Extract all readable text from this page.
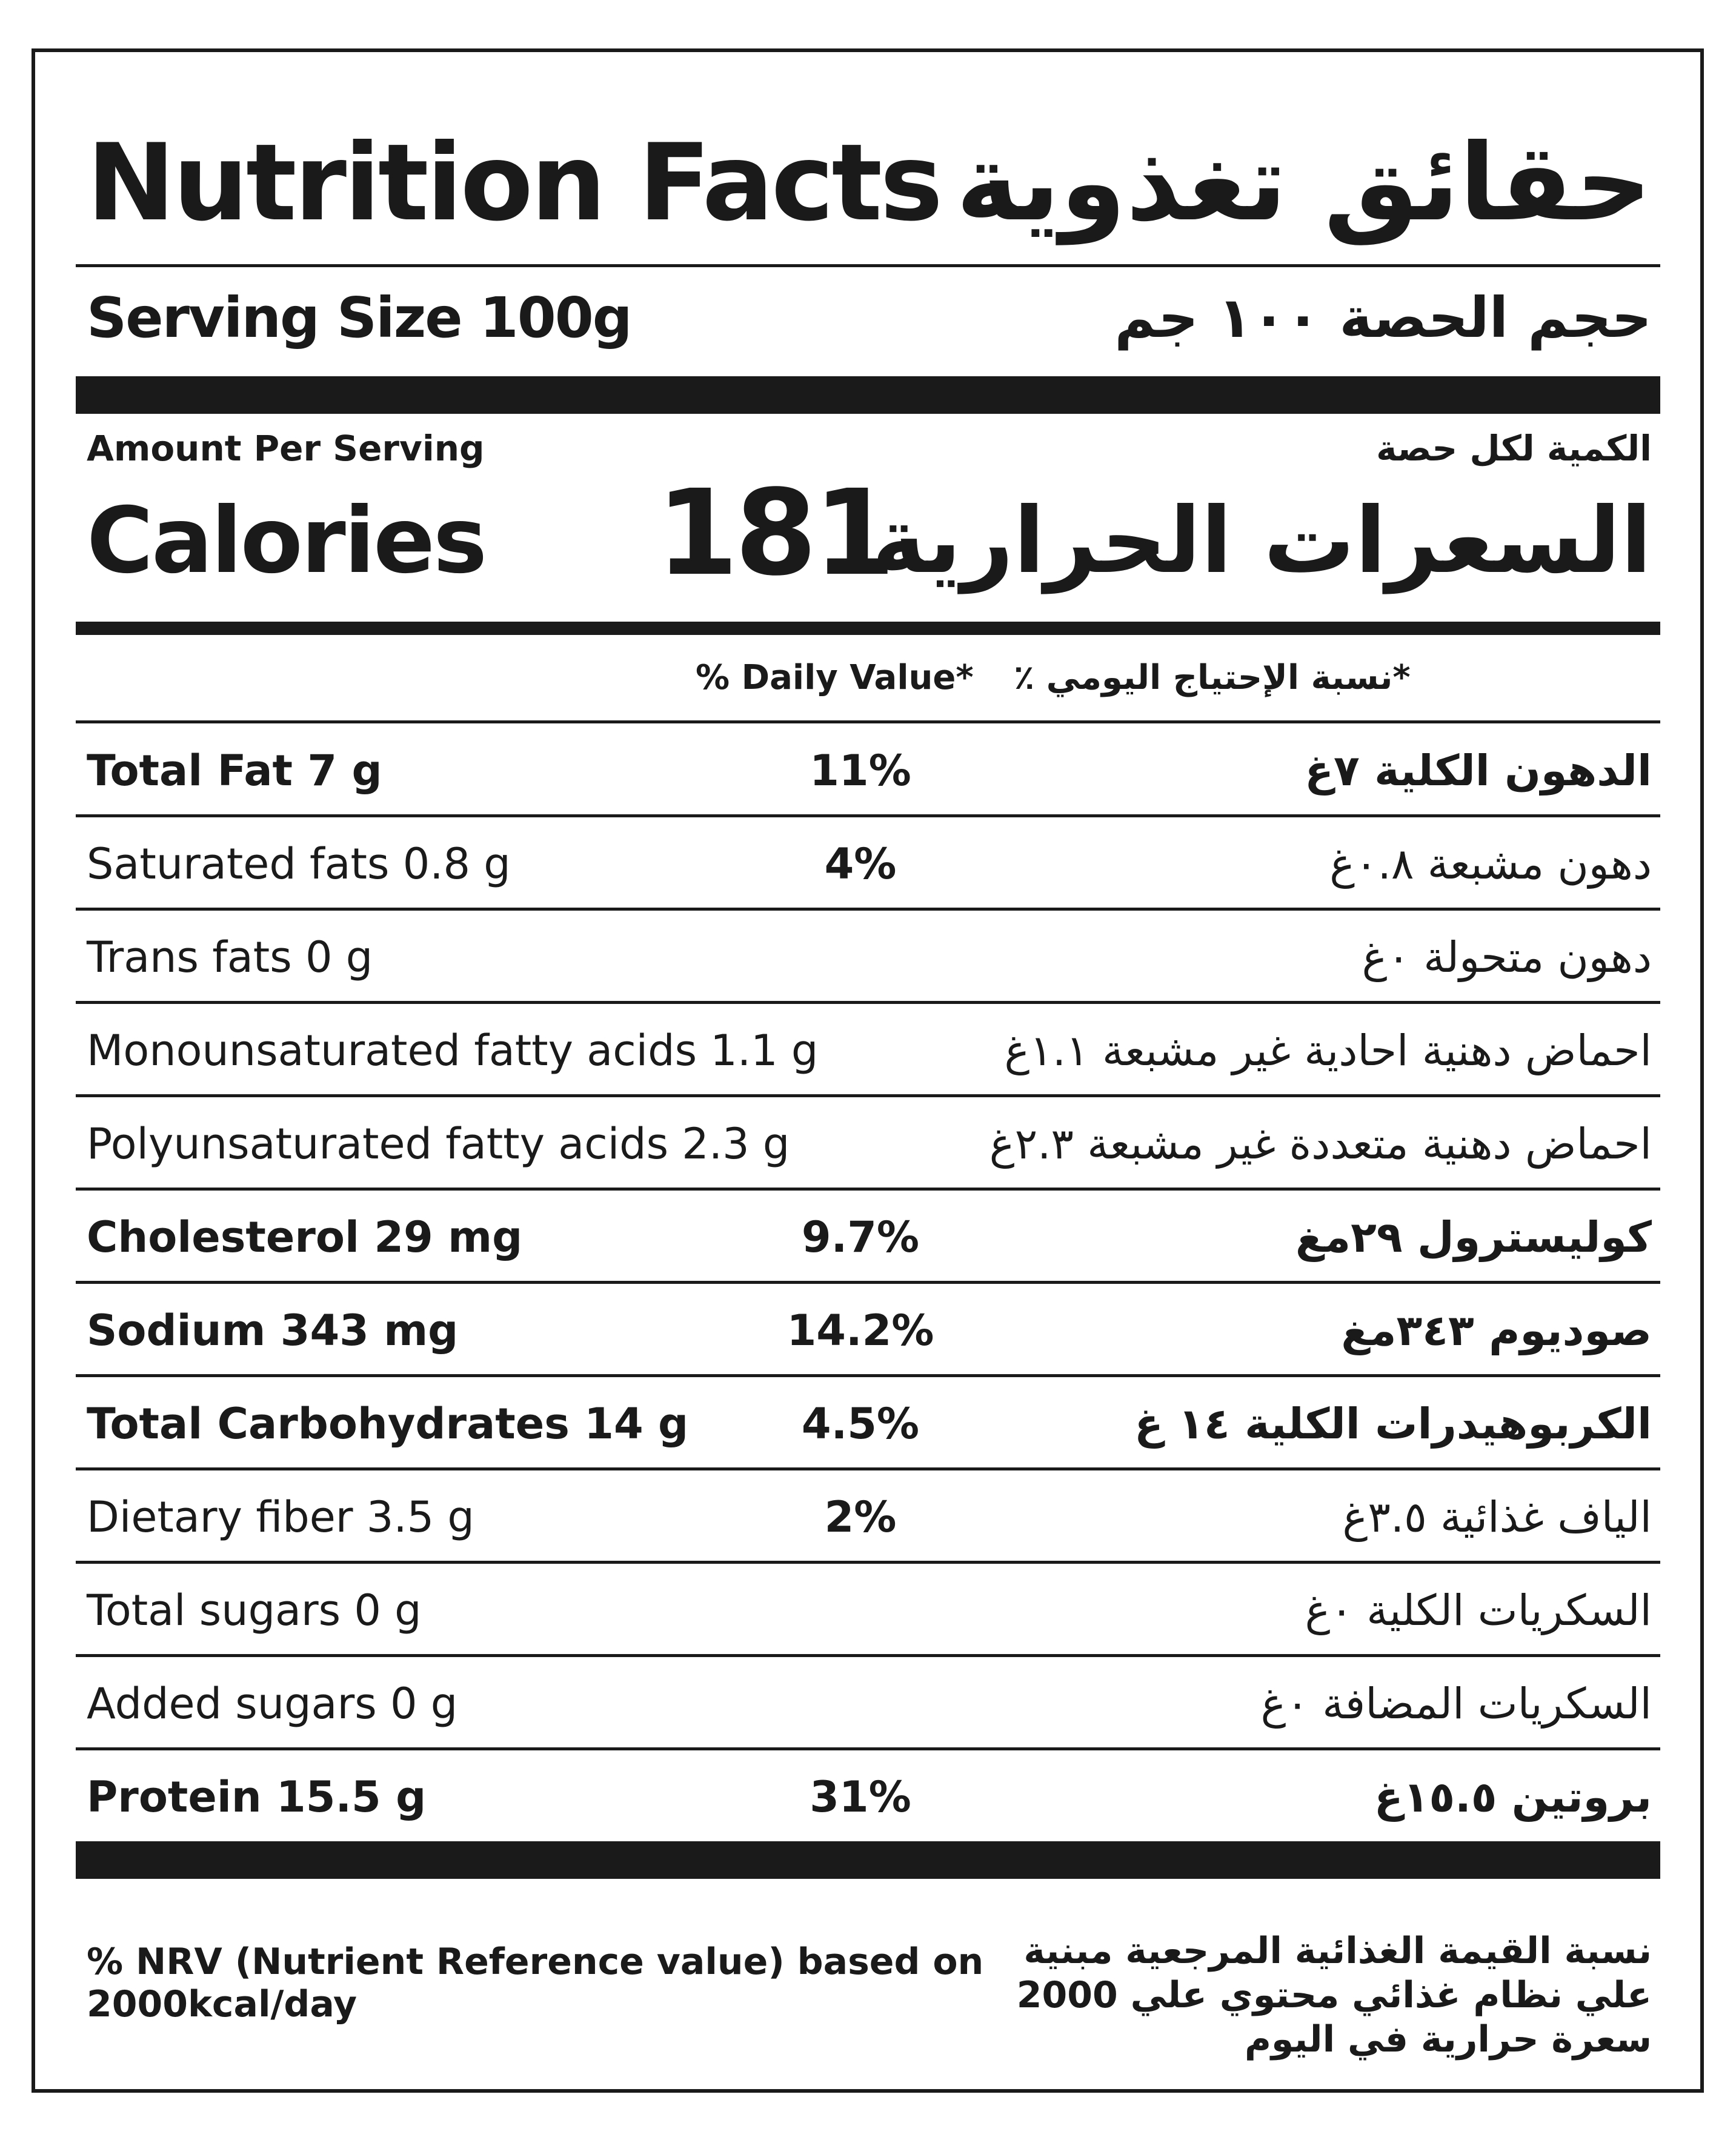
Nutrition Facts حقائق تغذوية
Serving Size 100g	حجم الحصة ١٠٠ جم
Amount Per Serving	الكمية لكل حصة
Calories 181
السعرات الحرارية
% Daily Value* *نسبة الإحتياج اليومي ٪
Total Fat 7 g	11%	الدهون الكلية ٧غ
Saturated fats 0.8 g	4%	دهون مشبعة ٠.٨غ
Trans fats 0 g	دهون متحولة ٠غ
Monounsaturated fatty acids 1.1 g	احماض دهنية احادية غير مشبعة ١.١غ
Polyunsaturated fatty acids 2.3 g	احماض دهنية متعددة غير مشبعة ٢.٣غ
Cholesterol 29 mg	9.7%	كوليسترول ٢٩مغ
Sodium 343 mg	14.2%	صوديوم ٣٤٣مغ
Total Carbohydrates 14 g	4.5%	الكربوهيدرات الكلية ١٤ غ
Dietary fiber 3.5 g	2%	الياف غذائية ٣.٥غ
Total sugars 0 g	السكريات الكلية ٠غ
Added sugars 0 g	السكريات المضافة ٠غ
Protein 15.5 g	31%	بروتين ١٥.٥غ
% NRV (Nutrient Reference value) based on
2000kcal/day
نسبة القيمة الغذائية المرجعية مبنية
علي نظام غذائي محتوي علي 2000
سعرة حرارية في اليوم
